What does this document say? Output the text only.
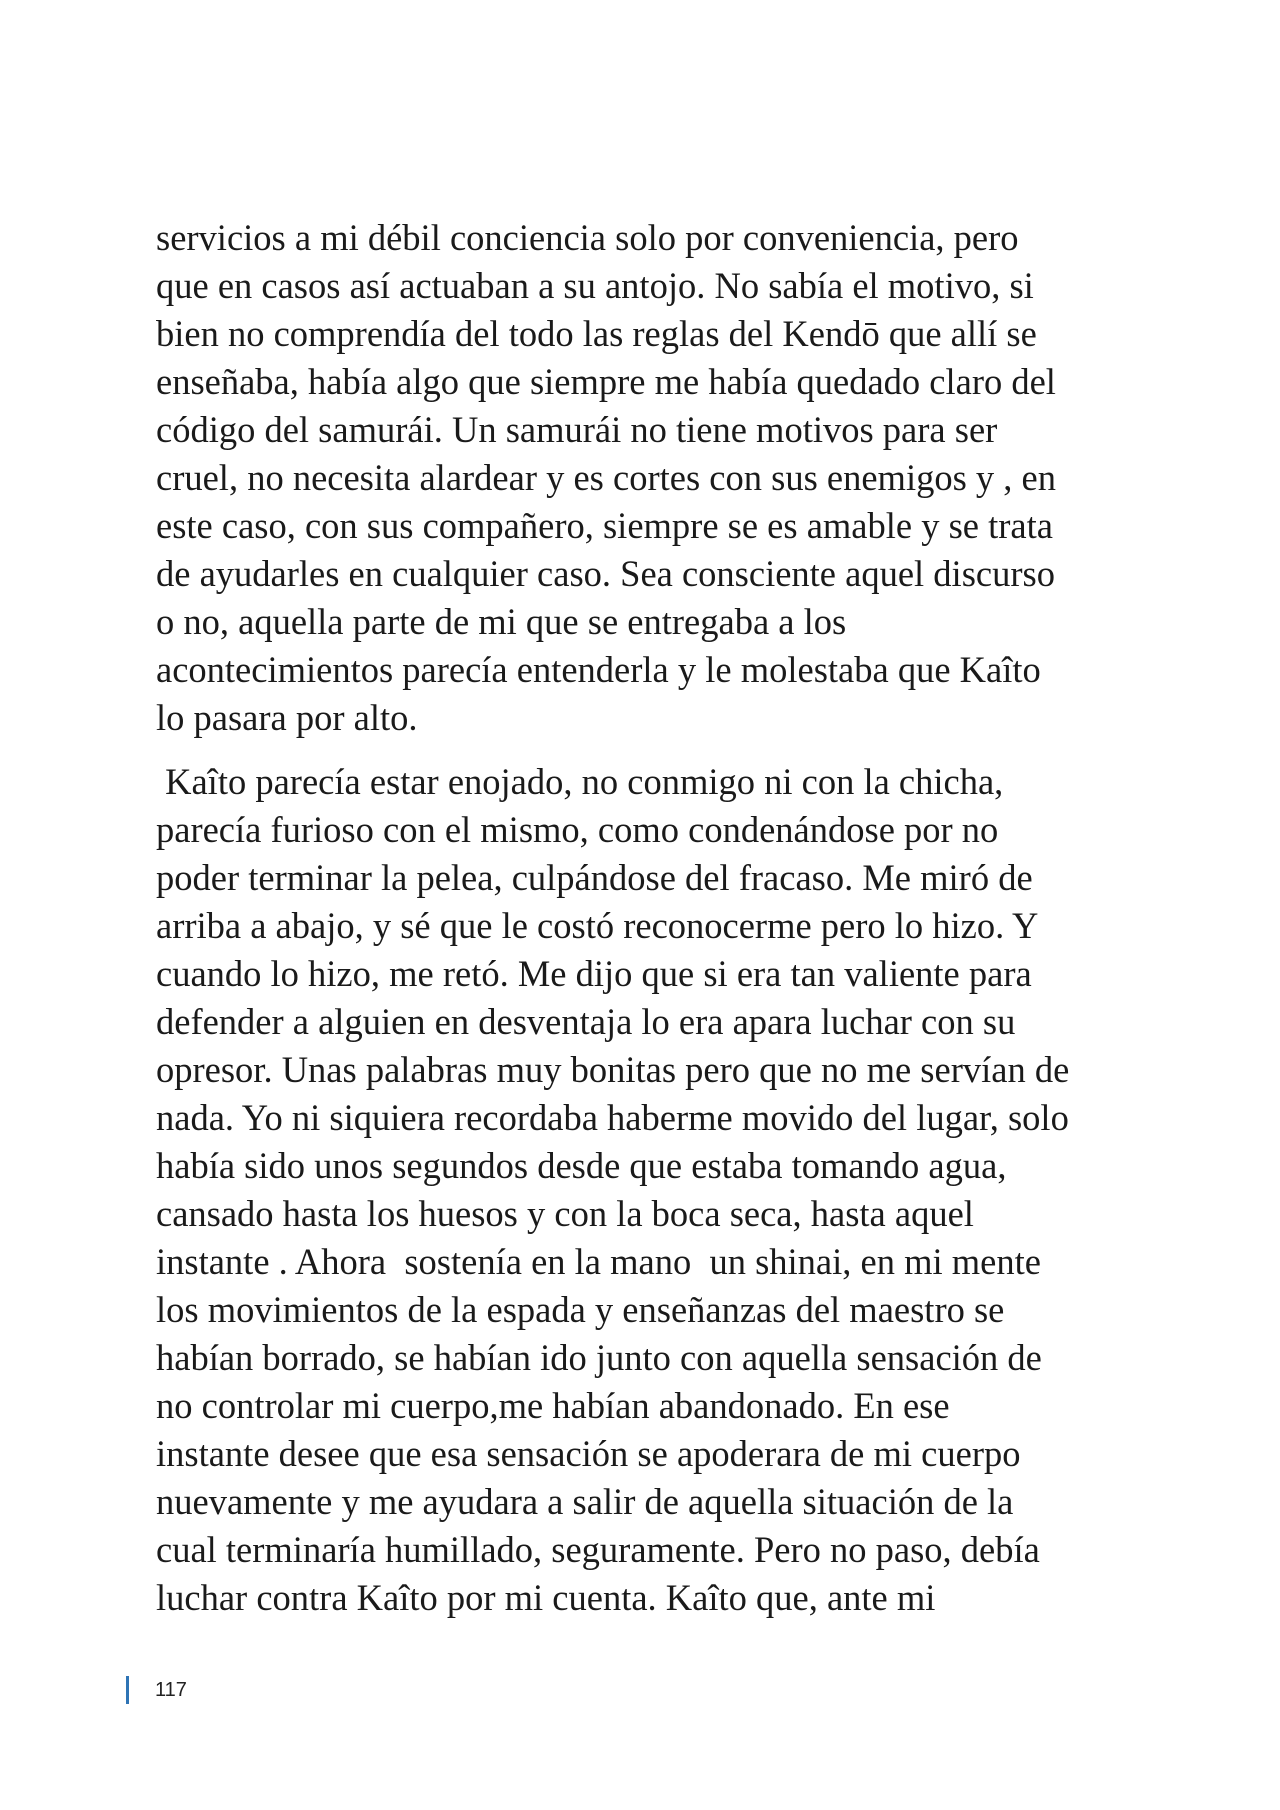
servicios a mi débil conciencia solo por conveniencia, pero
que en casos así actuaban a su antojo. No sabía el motivo, si
bien no comprendía del todo las reglas del Kendō que allí se
enseñaba, había algo que siempre me había quedado claro del
código del samurái. Un samurái no tiene motivos para ser
cruel, no necesita alardear y es cortes con sus enemigos y , en
este caso, con sus compañero, siempre se es amable y se trata
de ayudarles en cualquier caso. Sea consciente aquel discurso
o no, aquella parte de mi que se entregaba a los
acontecimientos parecía entenderla y le molestaba que Kaîto
lo pasara por alto.
Kaîto parecía estar enojado, no conmigo ni con la chicha,
parecía furioso con el mismo, como condenándose por no
poder terminar la pelea, culpándose del fracaso. Me miró de
arriba a abajo, y sé que le costó reconocerme pero lo hizo. Y
cuando lo hizo, me retó. Me dijo que si era tan valiente para
defender a alguien en desventaja lo era apara luchar con su
opresor. Unas palabras muy bonitas pero que no me servían de
nada. Yo ni siquiera recordaba haberme movido del lugar, solo
había sido unos segundos desde que estaba tomando agua,
cansado hasta los huesos y con la boca seca, hasta aquel
instante . Ahora  sostenía en la mano  un shinai, en mi mente
los movimientos de la espada y enseñanzas del maestro se
habían borrado, se habían ido junto con aquella sensación de
no controlar mi cuerpo,me habían abandonado. En ese
instante desee que esa sensación se apoderara de mi cuerpo
nuevamente y me ayudara a salir de aquella situación de la
cual terminaría humillado, seguramente. Pero no paso, debía
luchar contra Kaîto por mi cuenta. Kaîto que, ante mi
117
